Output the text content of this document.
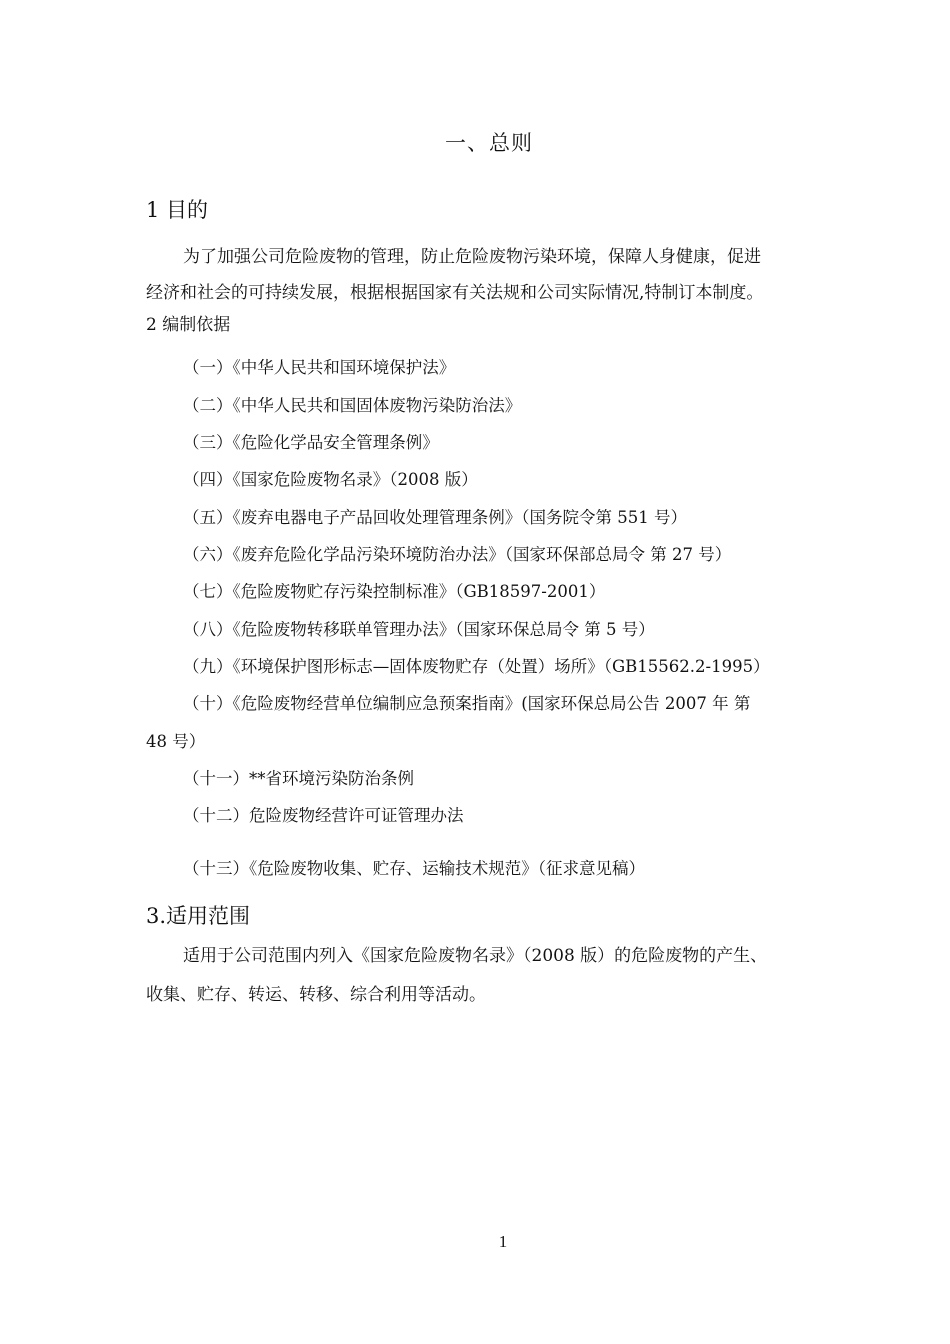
一、总则
1 目的
为了加强公司危险废物的管理，防止危险废物污染环境，保障人身健康，促进
经济和社会的可持续发展，根据根据国家有关法规和公司实际情况,特制订本制度。
2 编制依据
（一）《中华人民共和国环境保护法》
（二）《中华人民共和国固体废物污染防治法》
（三）《危险化学品安全管理条例》
（四）《国家危险废物名录》（2008 版）
（五）《废弃电器电子产品回收处理管理条例》（国务院令第 551 号）
（六）《废弃危险化学品污染环境防治办法》（国家环保部总局令 第 27 号）
（七）《危险废物贮存污染控制标准》（GB18597-2001）
（八）《危险废物转移联单管理办法》（国家环保总局令 第 5 号）
（九）《环境保护图形标志—固体废物贮存（处置）场所》（GB15562.2-1995）
（十）《危险废物经营单位编制应急预案指南》(国家环保总局公告 2007 年 第
48 号）
（十一）**省环境污染防治条例
（十二）危险废物经营许可证管理办法
（十三）《危险废物收集、贮存、运输技术规范》（征求意见稿）
3.适用范围
适用于公司范围内列入《国家危险废物名录》（2008 版）的危险废物的产生、
收集、贮存、转运、转移、综合利用等活动。
1
